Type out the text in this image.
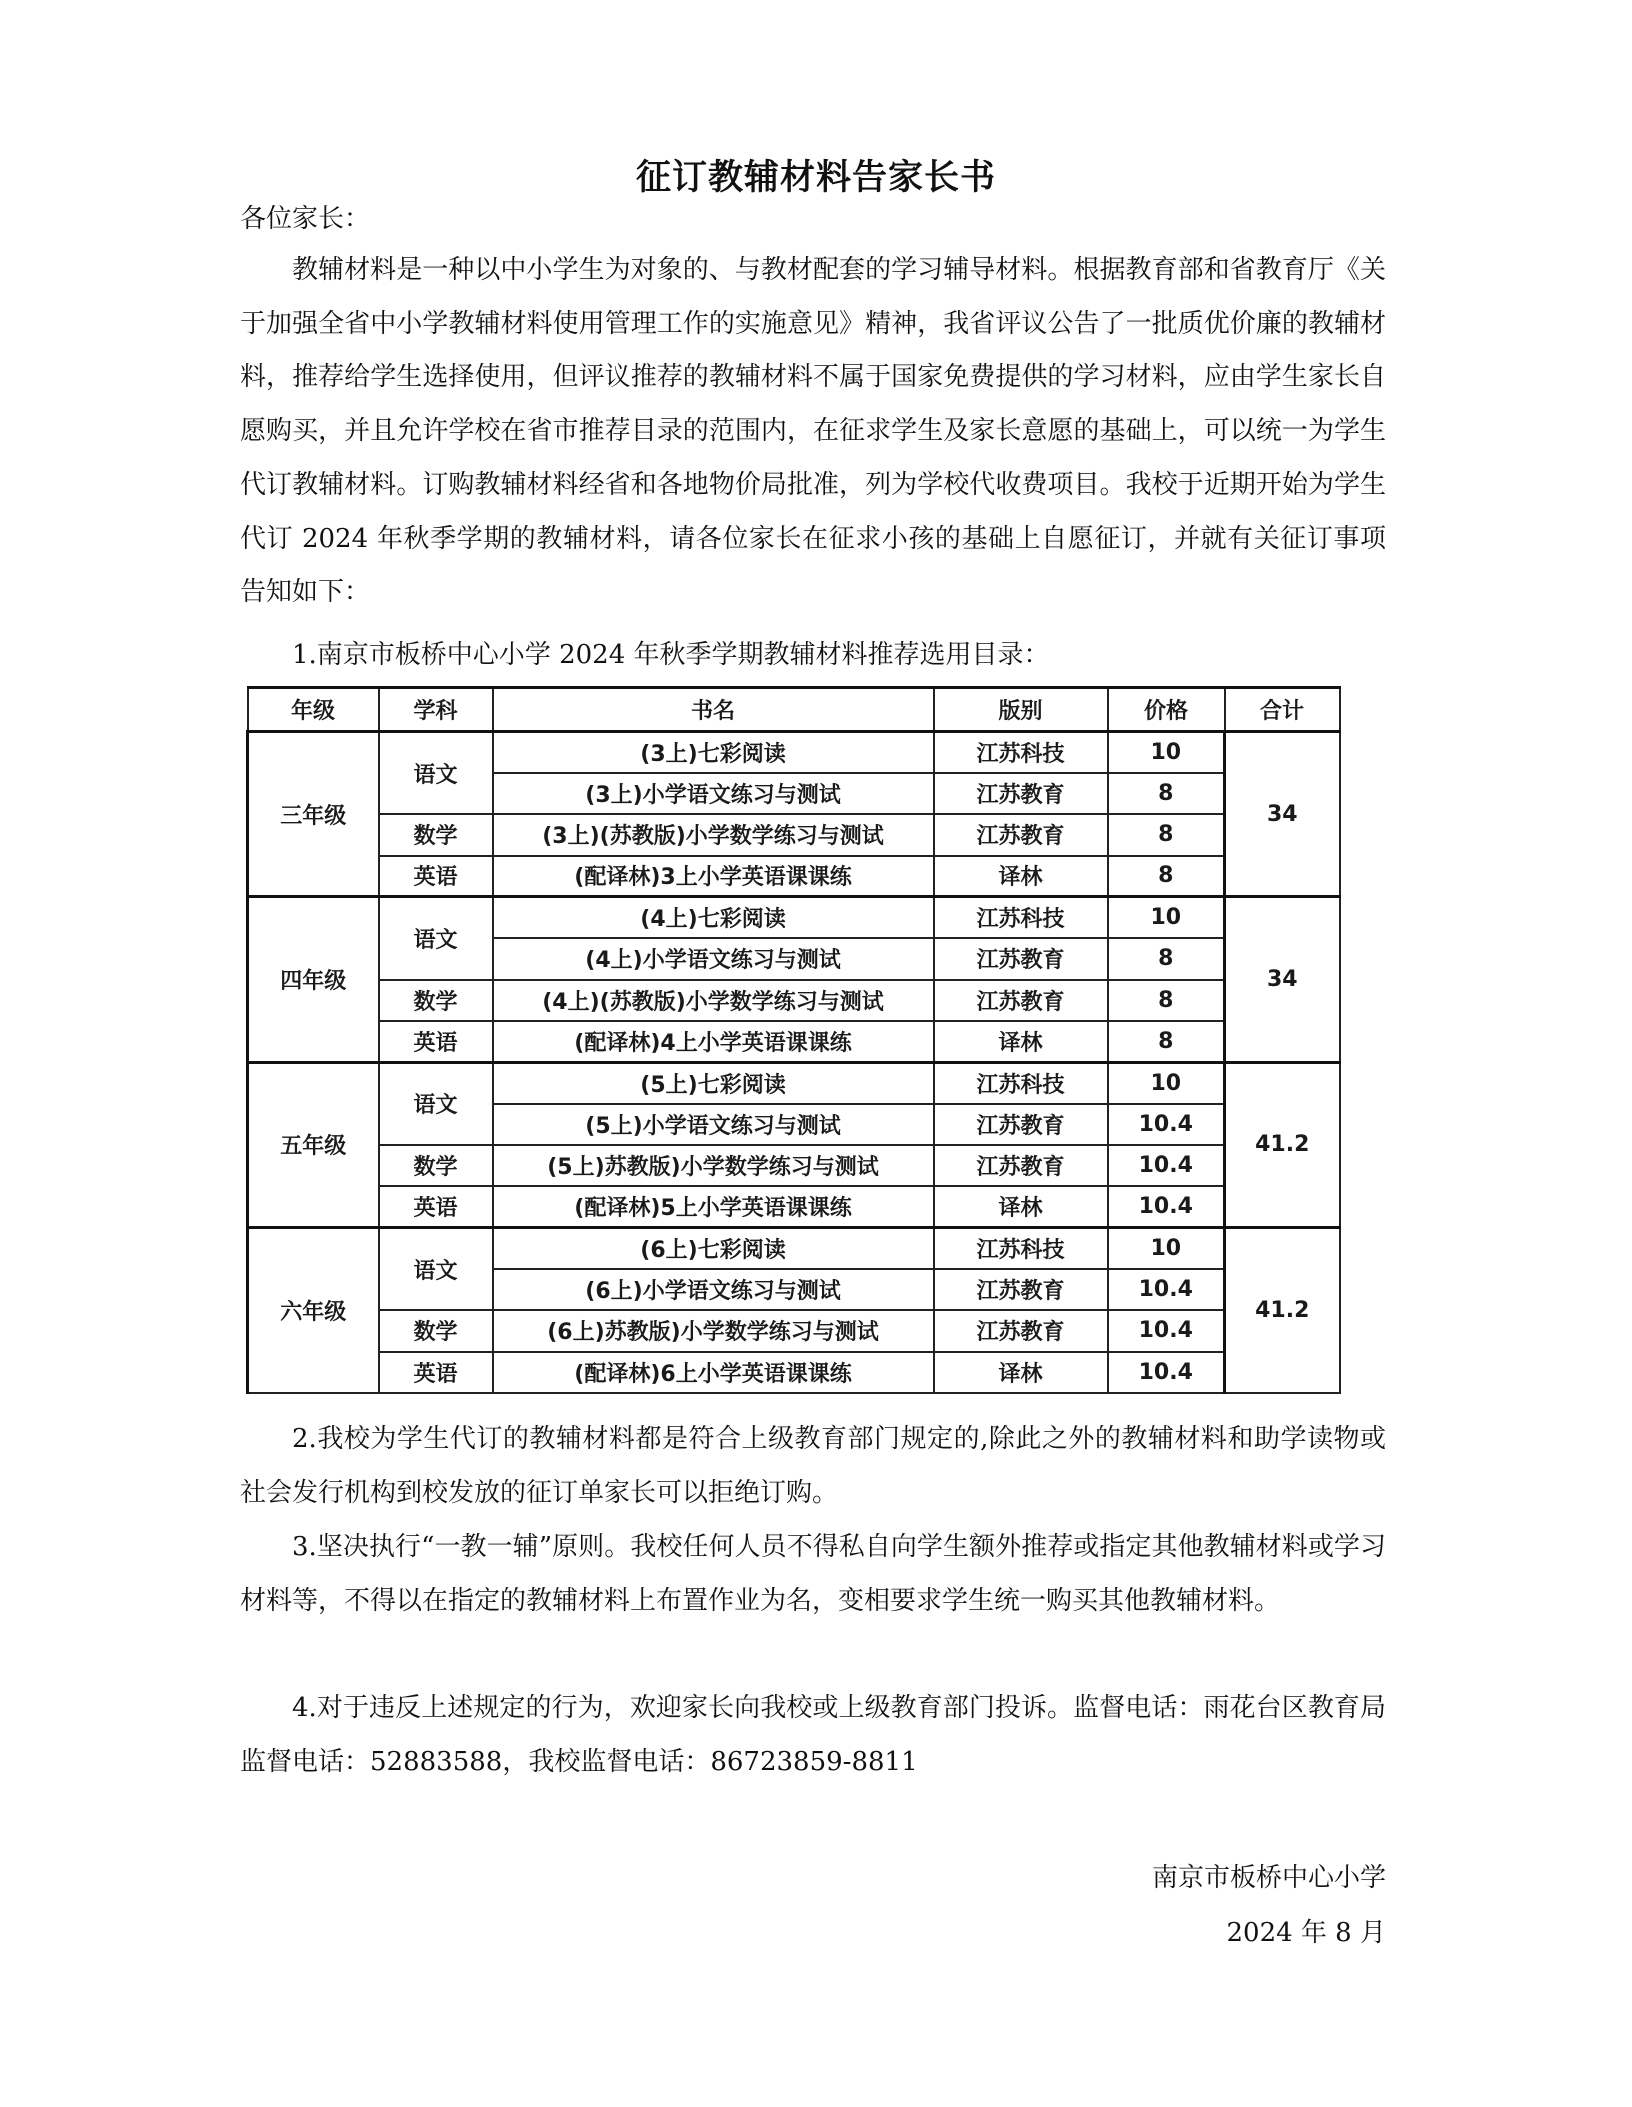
征订教辅材料告家长书
各位家长：

教辅材料是一种以中小学生为对象的、与教材配套的学习辅导材料。根据教育部和省教育厅《关于加强全省中小学教辅材料使用管理工作的实施意见》精神，我省评议公告了一批质优价廉的教辅材料，推荐给学生选择使用，但评议推荐的教辅材料不属于国家免费提供的学习材料，应由学生家长自愿购买，并且允许学校在省市推荐目录的范围内，在征求学生及家长意愿的基础上，可以统一为学生代订教辅材料。订购教辅材料经省和各地物价局批准，列为学校代收费项目。我校于近期开始为学生代订 2024 年秋季学期的教辅材料，请各位家长在征求小孩的基础上自愿征订，并就有关征订事项告知如下：

1.南京市板桥中心小学 2024 年秋季学期教辅材料推荐选用目录：

年级	学科	书名	版别	价格	合计
三年级	语文	(3上)七彩阅读	江苏科技	10	34
		(3上)小学语文练习与测试	江苏教育	8	
	数学	(3上)(苏教版)小学数学练习与测试	江苏教育	8	
	英语	(配译林)3上小学英语课课练	译林	8	
四年级	语文	(4上)七彩阅读	江苏科技	10	34
		(4上)小学语文练习与测试	江苏教育	8	
	数学	(4上)(苏教版)小学数学练习与测试	江苏教育	8	
	英语	(配译林)4上小学英语课课练	译林	8	
五年级	语文	(5上)七彩阅读	江苏科技	10	41.2
		(5上)小学语文练习与测试	江苏教育	10.4	
	数学	(5上)苏教版)小学数学练习与测试	江苏教育	10.4	
	英语	(配译林)5上小学英语课课练	译林	10.4	
六年级	语文	(6上)七彩阅读	江苏科技	10	41.2
		(6上)小学语文练习与测试	江苏教育	10.4	
	数学	(6上)苏教版)小学数学练习与测试	江苏教育	10.4	
	英语	(配译林)6上小学英语课课练	译林	10.4	

2.我校为学生代订的教辅材料都是符合上级教育部门规定的,除此之外的教辅材料和助学读物或社会发行机构到校发放的征订单家长可以拒绝订购。

3.坚决执行“一教一辅”原则。我校任何人员不得私自向学生额外推荐或指定其他教辅材料或学习材料等，不得以在指定的教辅材料上布置作业为名，变相要求学生统一购买其他教辅材料。

4.对于违反上述规定的行为，欢迎家长向我校或上级教育部门投诉。监督电话：雨花台区教育局监督电话：52883588，我校监督电话：86723859-8811

南京市板桥中心小学
2024 年 8 月
